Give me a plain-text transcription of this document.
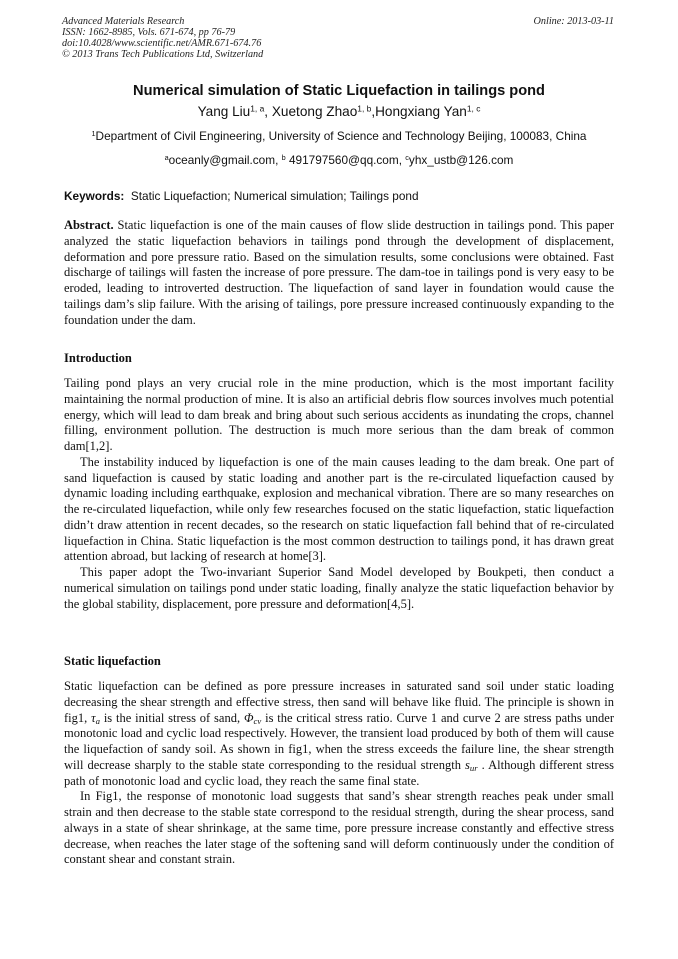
Advanced Materials Research
ISSN: 1662-8985, Vols. 671-674, pp 76-79
doi:10.4028/www.scientific.net/AMR.671-674.76
© 2013 Trans Tech Publications Ltd, Switzerland
Online: 2013-03-11
Numerical simulation of Static Liquefaction in tailings pond
Yang Liu$^{1, a}$, Xuetong Zhao$^{1, b}$,Hongxiang Yan$^{1, c}$
$^1$Department of Civil Engineering, University of Science and Technology Beijing, 100083, China
$^a$oceanly@gmail.com, $^b$ 491797560@qq.com, $^c$yhx_ustb@126.com
Keywords:  Static Liquefaction; Numerical simulation; Tailings pond

Abstract. Static liquefaction is one of the main causes of flow slide destruction in tailings pond. This paper analyzed the static liquefaction behaviors in tailings pond through the development of displacement, deformation and pore pressure ratio. Based on the simulation results, some conclusions were obtained. Fast discharge of tailings will fasten the increase of pore pressure. The dam-toe in tailings pond is very easy to be eroded, leading to introverted destruction. The liquefaction of sand layer in foundation would cause the tailings dam’s slip failure. With the arising of tailings, pore pressure increased continuously expanding to the foundation under the dam.

Introduction

Tailing pond plays an very crucial role in the mine production, which is the most important facility maintaining the normal production of mine. It is also an artificial debris flow sources involves much potential energy, which will lead to dam break and bring about such serious accidents as inundating the crops, channel filling, environment pollution. The destruction is much more serious than the dam break of common dam[1,2].

The instability induced by liquefaction is one of the main causes leading to the dam break. One part of sand liquefaction is caused by static loading and another part is the re-circulated liquefaction caused by dynamic loading including earthquake, explosion and mechanical vibration. There are so many researches on the re-circulated liquefaction, while only few researches focused on the static liquefaction, static liquefaction didn’t draw attention in recent decades, so the research on static liquefaction fall behind that of re-circulated liquefaction in China. Static liquefaction is the most common destruction to tailings pond, it has drawn great attention abroad, but lacking of research at home[3].

This paper adopt the Two-invariant Superior Sand Model developed by Boukpeti, then conduct a numerical simulation on tailings pond under static loading, finally analyze the static liquefaction behavior by the global stability, displacement, pore pressure and deformation[4,5].

Static liquefaction

Static liquefaction can be defined as pore pressure increases in saturated sand soil under static loading decreasing the shear strength and effective stress, then sand will behave like fluid. The principle is shown in fig1, $\tau_a$ is the initial stress of sand, $\Phi_{cv}$ is the critical stress ratio. Curve 1 and curve 2 are stress paths under monotonic load and cyclic load respectively. However, the transient load produced by both of them will cause the liquefaction of sandy soil. As shown in fig1, when the stress exceeds the failure line, the shear strength will decrease sharply to the stable state corresponding to the residual strength $s_{ur}$ . Although different stress path of monotonic load and cyclic load, they reach the same final state.

In Fig1, the response of monotonic load suggests that sand’s shear strength reaches peak under small strain and then decrease to the stable state correspond to the residual strength, during the shear process, sand always in a state of shear shrinkage, at the same time, pore pressure increase constantly and effective stress decrease, when reaches the later stage of the softening sand will deform continuously under the condition of constant shear and constant strain.
